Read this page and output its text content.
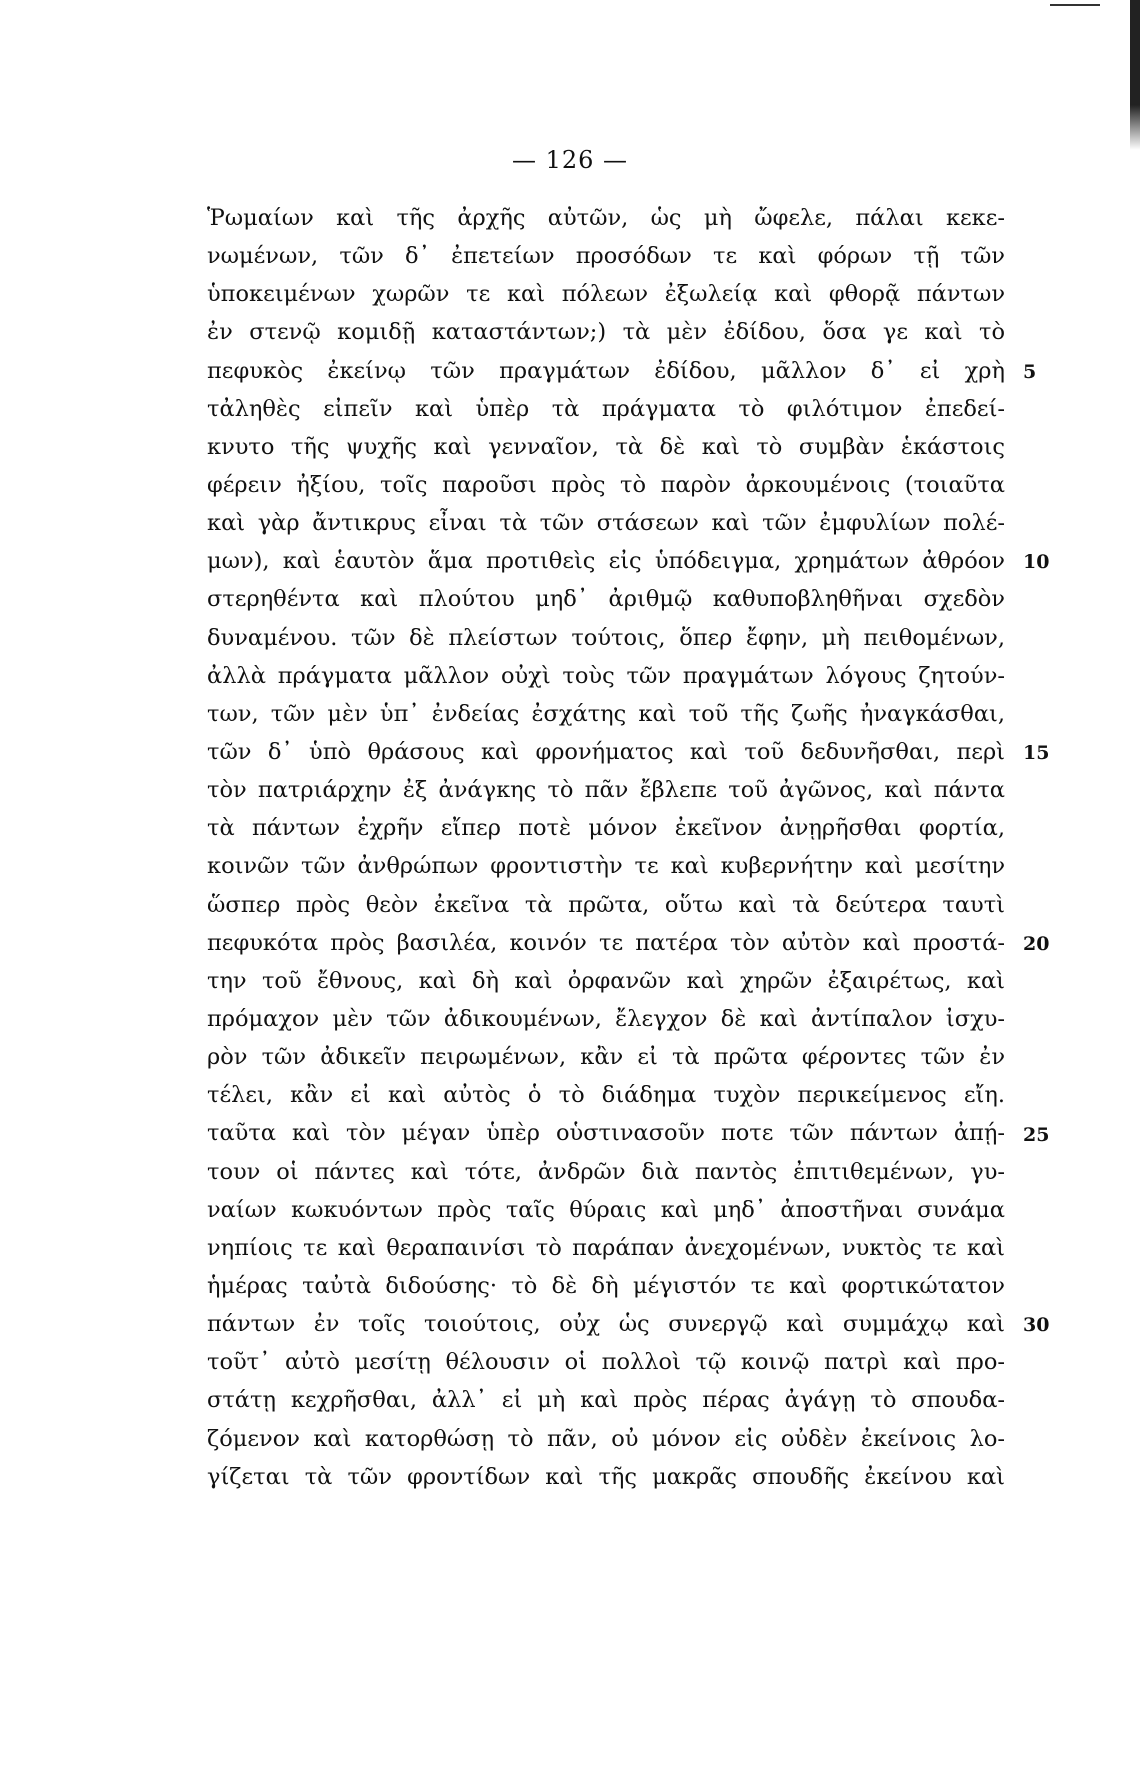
— 126 —
Ῥωμαίων καὶ τῆς ἀρχῆς αὐτῶν, ὡς μὴ ὤφελε, πάλαι κεκε-
νωμένων, τῶν δ᾽ ἐπετείων προσόδων τε καὶ φόρων τῇ τῶν
ὑποκειμένων χωρῶν τε καὶ πόλεων ἐξωλείᾳ καὶ φθορᾷ πάντων
ἐν στενῷ κομιδῇ καταστάντων;) τὰ μὲν ἐδίδου, ὅσα γε καὶ τὸ
πεφυκὸς ἐκείνῳ τῶν πραγμάτων ἐδίδου, μᾶλλον δ᾽ εἰ χρὴ
τἀληθὲς εἰπεῖν καὶ ὑπὲρ τὰ πράγματα τὸ φιλότιμον ἐπεδεί-
κνυτο τῆς ψυχῆς καὶ γενναῖον, τὰ δὲ καὶ τὸ συμβὰν ἑκάστοις
φέρειν ἠξίου, τοῖς παροῦσι πρὸς τὸ παρὸν ἀρκουμένοις (τοιαῦτα
καὶ γὰρ ἄντικρυς εἶναι τὰ τῶν στάσεων καὶ τῶν ἐμφυλίων πολέ-
μων), καὶ ἑαυτὸν ἅμα προτιθεὶς εἰς ὑπόδειγμα, χρημάτων ἀθρόον
στερηθέντα καὶ πλούτου μηδ᾽ ἀριθμῷ καθυποβληθῆναι σχεδὸν
δυναμένου. τῶν δὲ πλείστων τούτοις, ὅπερ ἔφην, μὴ πειθομένων,
ἀλλὰ πράγματα μᾶλλον οὐχὶ τοὺς τῶν πραγμάτων λόγους ζητούν-
των, τῶν μὲν ὑπ᾽ ἐνδείας ἐσχάτης καὶ τοῦ τῆς ζωῆς ἠναγκάσθαι,
τῶν δ᾽ ὑπὸ θράσους καὶ φρονήματος καὶ τοῦ δεδυνῆσθαι, περὶ
τὸν πατριάρχην ἐξ ἀνάγκης τὸ πᾶν ἔβλεπε τοῦ ἀγῶνος, καὶ πάντα
τὰ πάντων ἐχρῆν εἴπερ ποτὲ μόνον ἐκεῖνον ἀνῃρῆσθαι φορτία,
κοινῶν τῶν ἀνθρώπων φροντιστὴν τε καὶ κυβερνήτην καὶ μεσίτην
ὥσπερ πρὸς θεὸν ἐκεῖνα τὰ πρῶτα, οὕτω καὶ τὰ δεύτερα ταυτὶ
πεφυκότα πρὸς βασιλέα, κοινόν τε πατέρα τὸν αὐτὸν καὶ προστά-
την τοῦ ἔθνους, καὶ δὴ καὶ ὀρφανῶν καὶ χηρῶν ἐξαιρέτως, καὶ
πρόμαχον μὲν τῶν ἀδικουμένων, ἔλεγχον δὲ καὶ ἀντίπαλον ἰσχυ-
ρὸν τῶν ἀδικεῖν πειρωμένων, κἂν εἰ τὰ πρῶτα φέροντες τῶν ἐν
τέλει, κἂν εἰ καὶ αὐτὸς ὁ τὸ διάδημα τυχὸν περικείμενος εἴη.
ταῦτα καὶ τὸν μέγαν ὑπὲρ οὑστινασοῦν ποτε τῶν πάντων ἀπῄ-
τουν οἱ πάντες καὶ τότε, ἀνδρῶν διὰ παντὸς ἐπιτιθεμένων, γυ-
ναίων κωκυόντων πρὸς ταῖς θύραις καὶ μηδ᾽ ἀποστῆναι συνάμα
νηπίοις τε καὶ θεραπαινίσι τὸ παράπαν ἀνεχομένων, νυκτὸς τε καὶ
ἡμέρας ταὐτὰ διδούσης· τὸ δὲ δὴ μέγιστόν τε καὶ φορτικώτατον
πάντων ἐν τοῖς τοιούτοις, οὐχ ὡς συνεργῷ καὶ συμμάχῳ καὶ
τοῦτ᾽ αὐτὸ μεσίτῃ θέλουσιν οἱ πολλοὶ τῷ κοινῷ πατρὶ καὶ προ-
στάτῃ κεχρῆσθαι, ἀλλ᾽ εἰ μὴ καὶ πρὸς πέρας ἀγάγῃ τὸ σπουδα-
ζόμενον καὶ κατορθώσῃ τὸ πᾶν, οὐ μόνον εἰς οὐδὲν ἐκείνοις λο-
γίζεται τὰ τῶν φροντίδων καὶ τῆς μακρᾶς σπουδῆς ἐκείνου καὶ
5
10
15
20
25
30
